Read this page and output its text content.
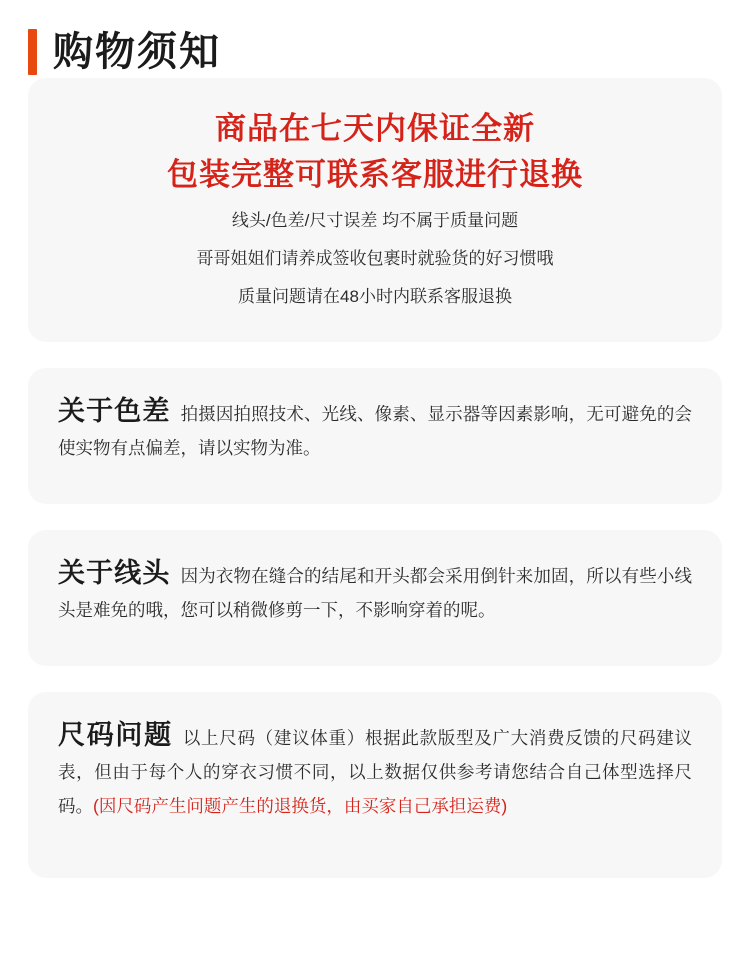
购物须知
商品在七天内保证全新
包装完整可联系客服进行退换
线头/色差/尺寸误差 均不属于质量问题
哥哥姐姐们请养成签收包裹时就验货的好习惯哦
质量问题请在48小时内联系客服退换
关于色差 拍摄因拍照技术、光线、像素、显示器等因素影响，无可避免的会使实物有点偏差，请以实物为准。
关于线头 因为衣物在缝合的结尾和开头都会采用倒针来加固，所以有些小线头是难免的哦，您可以稍微修剪一下，不影响穿着的呢。
尺码问题 以上尺码（建议体重）根据此款版型及广大消费反馈的尺码建议表，但由于每个人的穿衣习惯不同，以上数据仅供参考请您结合自己体型选择尺码。(因尺码产生问题产生的退换货，由买家自己承担运费)
